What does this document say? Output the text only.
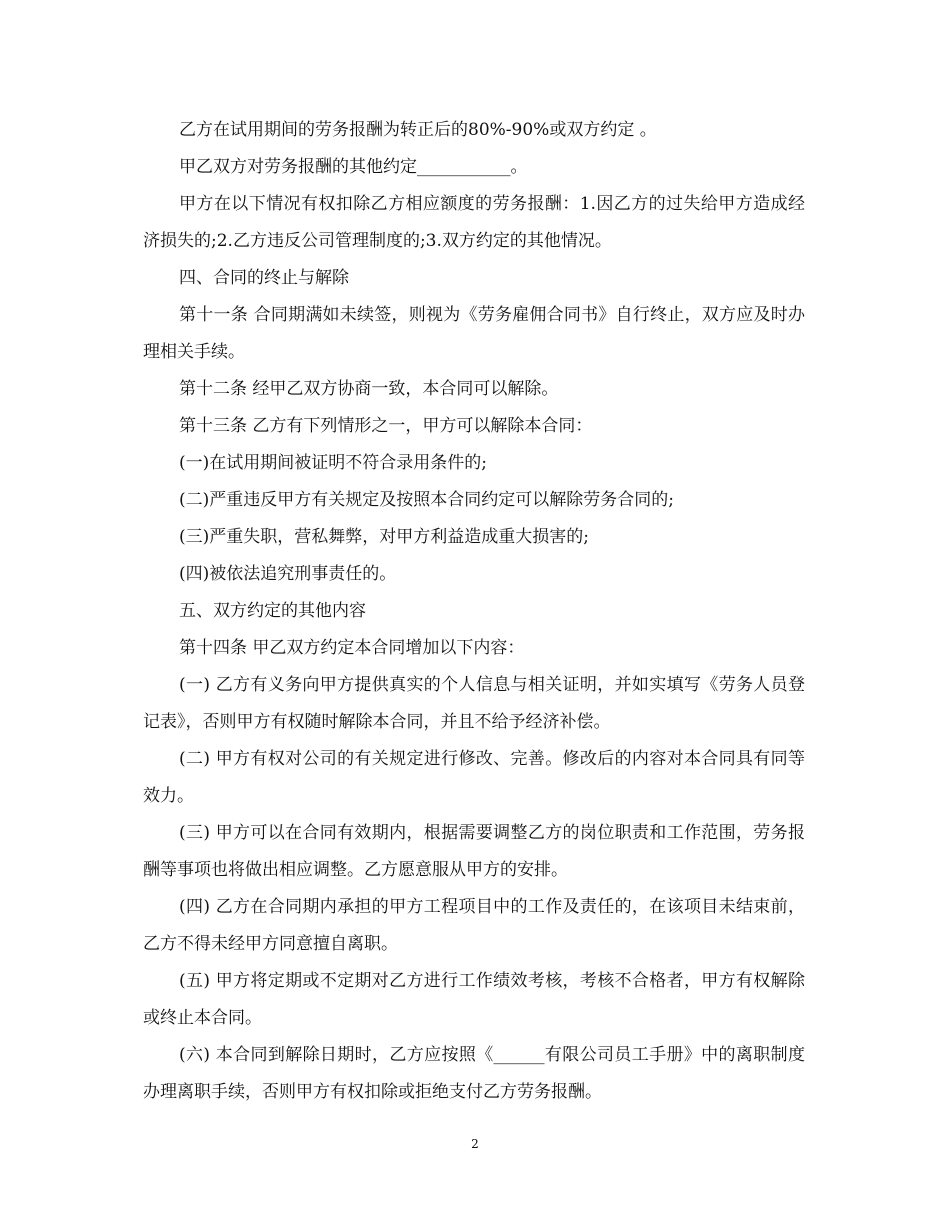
乙方在试用期间的劳务报酬为转正后的80%-90%或双方约定 。

甲乙双方对劳务报酬的其他约定___________。

甲方在以下情况有权扣除乙方相应额度的劳务报酬：1.因乙方的过失给甲方造成经济损失的;2.乙方违反公司管理制度的;3.双方约定的其他情况。

四、合同的终止与解除

第十一条 合同期满如未续签，则视为《劳务雇佣合同书》自行终止，双方应及时办理相关手续。

第十二条 经甲乙双方协商一致，本合同可以解除。

第十三条 乙方有下列情形之一，甲方可以解除本合同：

(一)在试用期间被证明不符合录用条件的;

(二)严重违反甲方有关规定及按照本合同约定可以解除劳务合同的;

(三)严重失职，营私舞弊，对甲方利益造成重大损害的;

(四)被依法追究刑事责任的。

五、双方约定的其他内容

第十四条 甲乙双方约定本合同增加以下内容：

(一) 乙方有义务向甲方提供真实的个人信息与相关证明，并如实填写《劳务人员登记表》，否则甲方有权随时解除本合同，并且不给予经济补偿。

(二) 甲方有权对公司的有关规定进行修改、完善。修改后的内容对本合同具有同等效力。

(三) 甲方可以在合同有效期内，根据需要调整乙方的岗位职责和工作范围，劳务报酬等事项也将做出相应调整。乙方愿意服从甲方的安排。

(四) 乙方在合同期内承担的甲方工程项目中的工作及责任的，在该项目未结束前，乙方不得未经甲方同意擅自离职。

(五) 甲方将定期或不定期对乙方进行工作绩效考核，考核不合格者，甲方有权解除或终止本合同。

(六) 本合同到解除日期时，乙方应按照《______有限公司员工手册》中的离职制度办理离职手续，否则甲方有权扣除或拒绝支付乙方劳务报酬。

2
